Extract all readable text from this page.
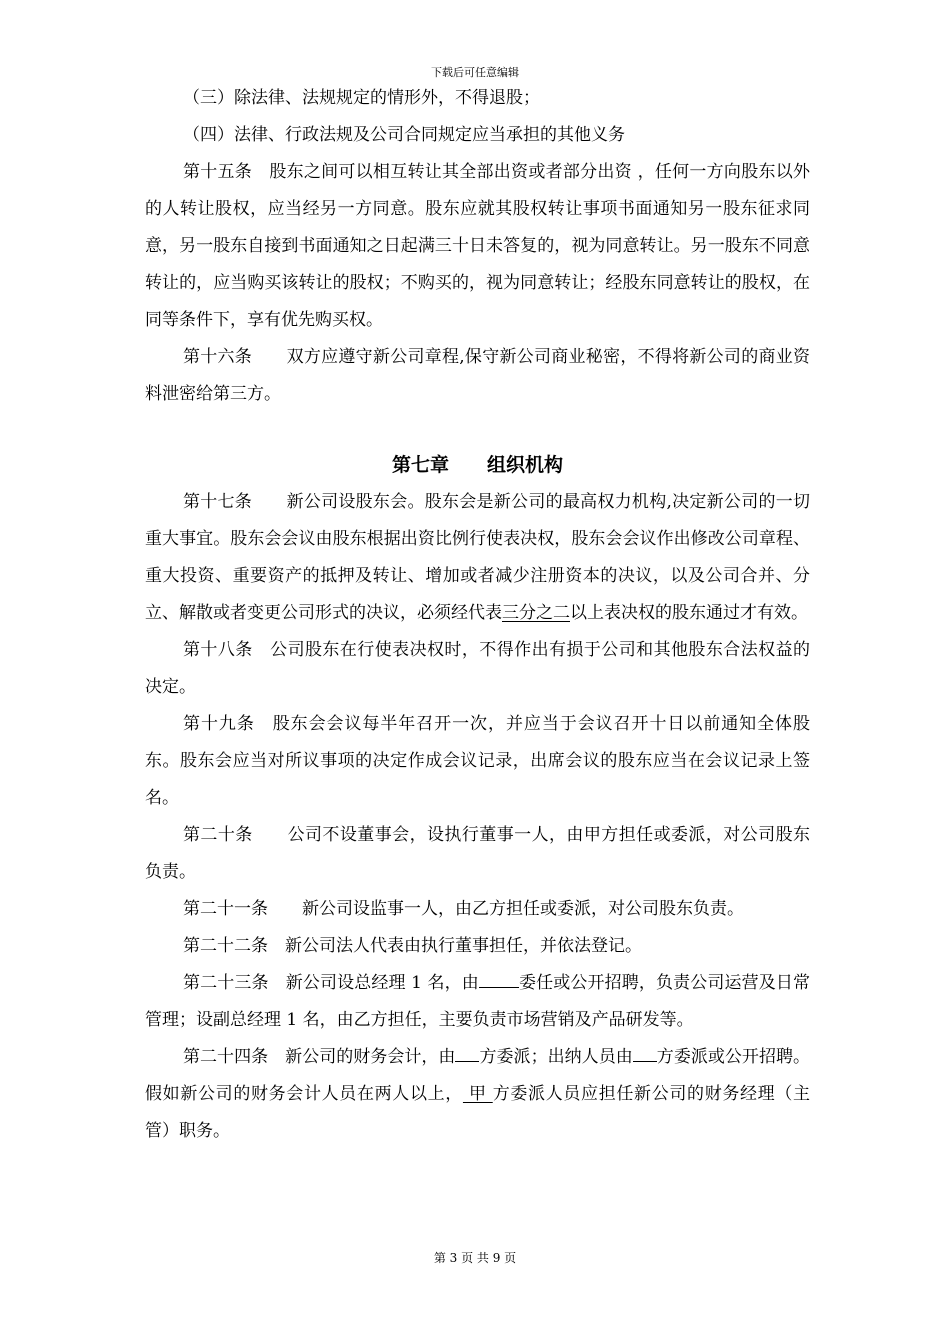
下载后可任意编辑

（三）除法律、法规规定的情形外，不得退股；

（四）法律、行政法规及公司合同规定应当承担的其他义务

第十五条　股东之间可以相互转让其全部出资或者部分出资 ，任何一方向股东以外的人转让股权，应当经另一方同意。股东应就其股权转让事项书面通知另一股东征求同意，另一股东自接到书面通知之日起满三十日未答复的，视为同意转让。另一股东不同意转让的，应当购买该转让的股权；不购买的，视为同意转让；经股东同意转让的股权，在同等条件下，享有优先购买权。

第十六条　　双方应遵守新公司章程,保守新公司商业秘密，不得将新公司的商业资料泄密给第三方。

第七章　　组织机构

第十七条　　新公司设股东会。股东会是新公司的最高权力机构,决定新公司的一切重大事宜。股东会会议由股东根据出资比例行使表决权，股东会会议作出修改公司章程、重大投资、重要资产的抵押及转让、增加或者减少注册资本的决议，以及公司合并、分立、解散或者变更公司形式的决议，必须经代表三分之二以上表决权的股东通过才有效。

第十八条　公司股东在行使表决权时，不得作出有损于公司和其他股东合法权益的决定。

第十九条　股东会会议每半年召开一次，并应当于会议召开十日以前通知全体股东。股东会应当对所议事项的决定作成会议记录，出席会议的股东应当在会议记录上签名。

第二十条　　公司不设董事会，设执行董事一人，由甲方担任或委派，对公司股东负责。

第二十一条　　新公司设监事一人，由乙方担任或委派，对公司股东负责。

第二十二条　新公司法人代表由执行董事担任，并依法登记。

第二十三条　新公司设总经理 1 名，由 委任或公开招聘，负责公司运营及日常管理；设副总经理 1 名，由乙方担任，主要负责市场营销及产品研发等。

第二十四条　新公司的财务会计，由 方委派；出纳人员由 方委派或公开招聘。假如新公司的财务会计人员在两人以上， 甲 方委派人员应担任新公司的财务经理（主管）职务。

第 3 页 共 9 页
